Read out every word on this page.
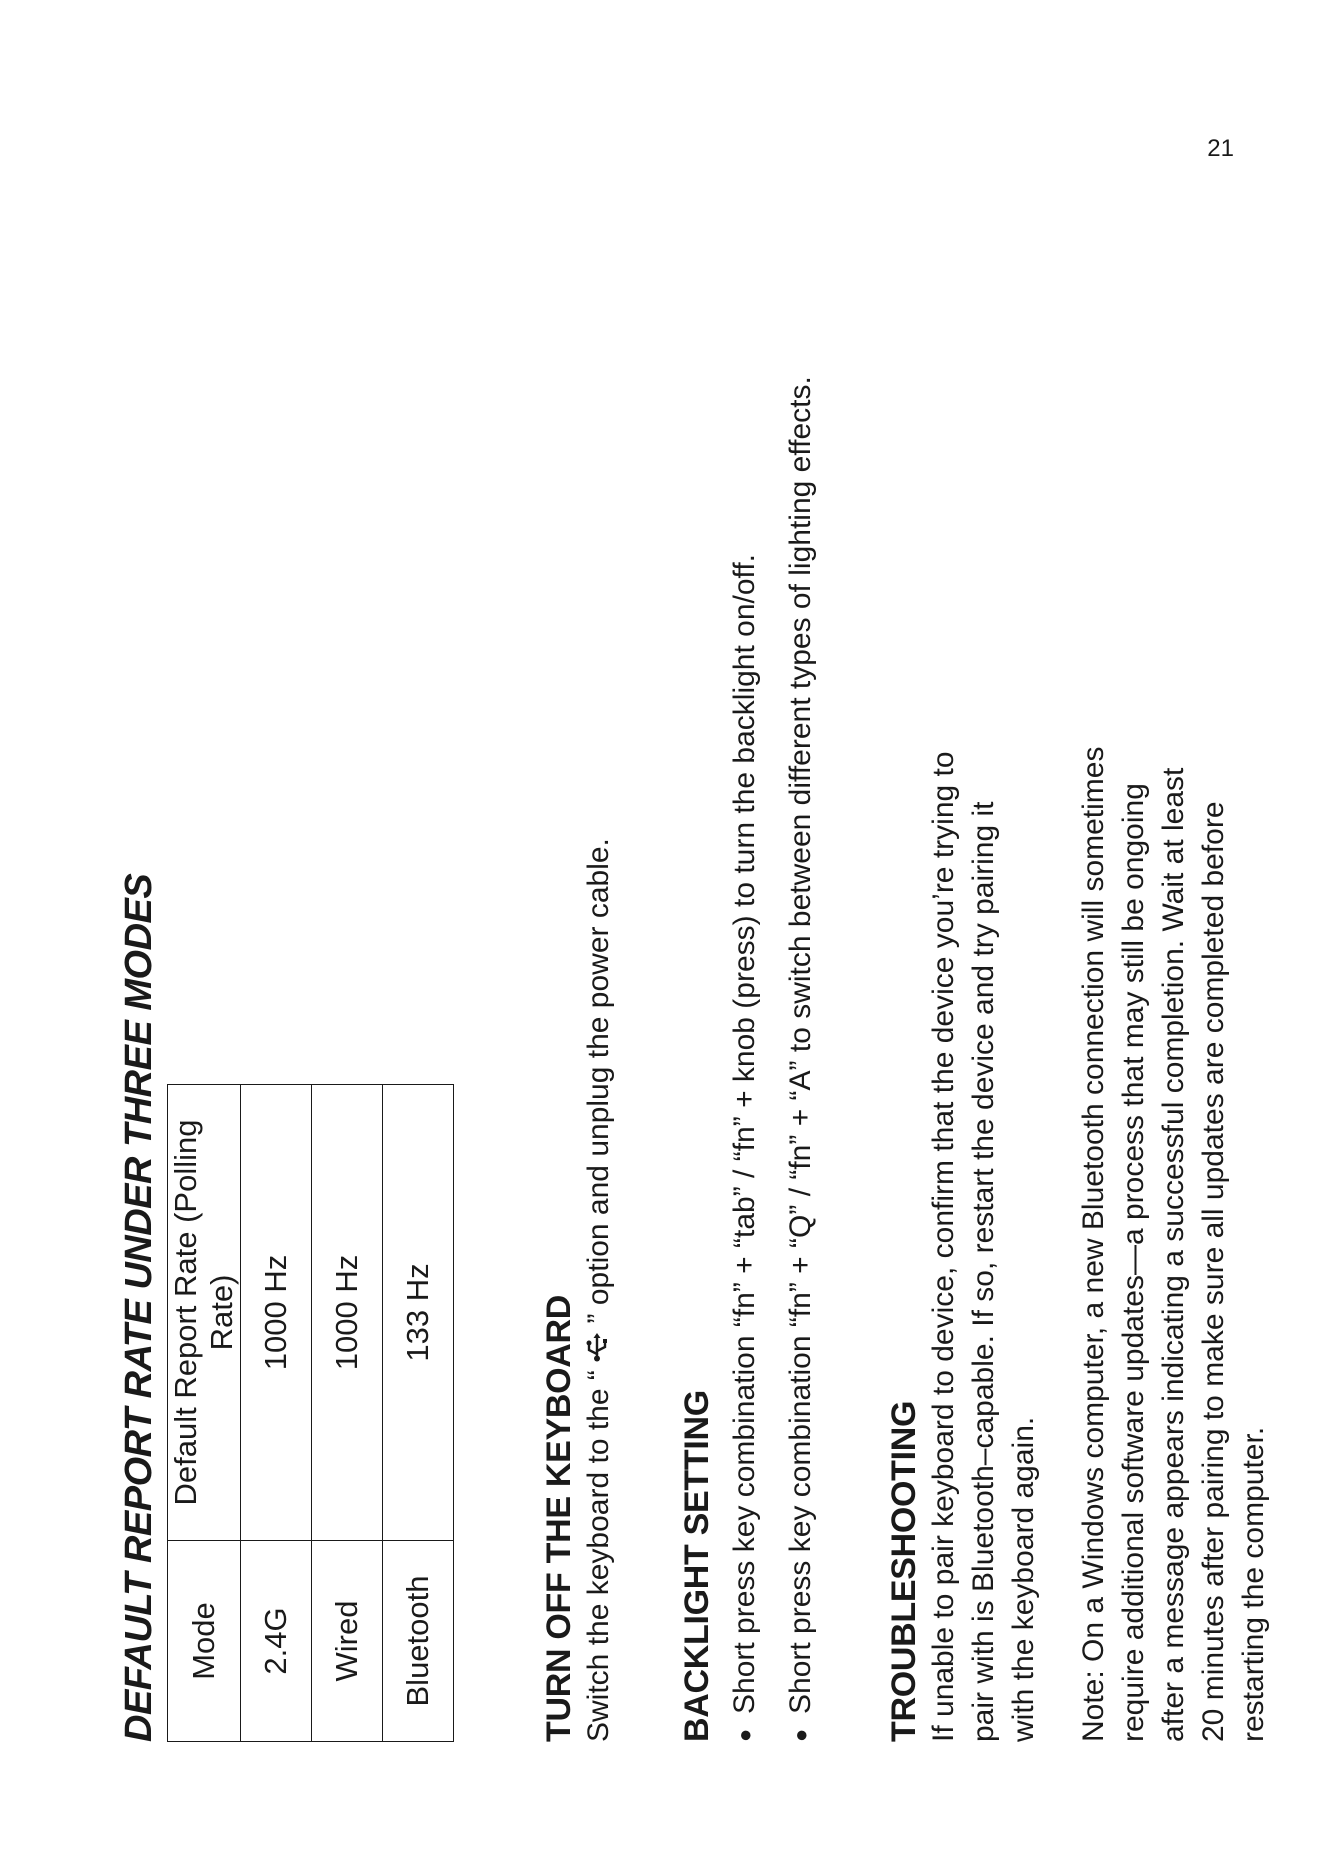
DEFAULT REPORT RATE UNDER THREE MODES Mode	Default Report Rate (Polling Rate)
2.4G	1000 Hz
Wired	1000 Hz
Bluetooth	133 Hz	TURN OFF THE KEYBOARD Switch the keyboard to the “  ” option and unplug the power cable.

BACKLIGHT SETTING ● Short press key combination “fn” + “tab” / “fn” + knob (press) to turn the backlight on/off. ● Short press key combination “fn” + “Q” / “fn” + “A” to switch between different types of lighting effects.	TROUBLESHOOTING If unable to pair keyboard to device, confirm that the device you’re trying to pair with is Bluetooth–capable. If so, restart the device and try pairing it with the keyboard again. Note: On a Windows computer, a new Bluetooth connection will sometimes require additional software updates—a process that may still be ongoing after a message appears indicating a successful completion. Wait at least 20 minutes after pairing to make sure all updates are completed before restarting the computer.

21
